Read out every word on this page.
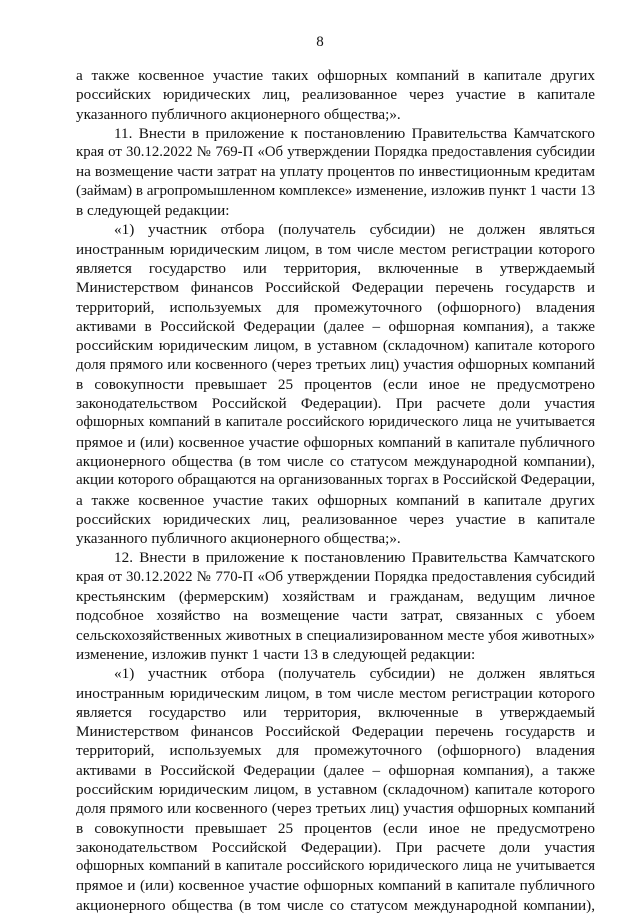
8
а также косвенное участие таких офшорных компаний в капитале других
российских юридических лиц, реализованное через участие в капитале
указанного публичного акционерного общества;».
11. Внести в приложение к постановлению Правительства Камчатского
края от 30.12.2022 № 769-П «Об утверждении Порядка предоставления субсидии
на возмещение части затрат на уплату процентов по инвестиционным кредитам
(займам) в агропромышленном комплексе» изменение, изложив пункт 1 части 13
в следующей редакции:
«1) участник отбора (получатель субсидии) не должен являться
иностранным юридическим лицом, в том числе местом регистрации которого
является государство или территория, включенные в утверждаемый
Министерством финансов Российской Федерации перечень государств и
территорий, используемых для промежуточного (офшорного) владения
активами в Российской Федерации (далее – офшорная компания), а также
российским юридическим лицом, в уставном (складочном) капитале которого
доля прямого или косвенного (через третьих лиц) участия офшорных компаний
в совокупности превышает 25 процентов (если иное не предусмотрено
законодательством Российской Федерации). При расчете доли участия
офшорных компаний в капитале российского юридического лица не учитывается
прямое и (или) косвенное участие офшорных компаний в капитале публичного
акционерного общества (в том числе со статусом международной компании),
акции которого обращаются на организованных торгах в Российской Федерации,
а также косвенное участие таких офшорных компаний в капитале других
российских юридических лиц, реализованное через участие в капитале
указанного публичного акционерного общества;».
12. Внести в приложение к постановлению Правительства Камчатского
края от 30.12.2022 № 770-П «Об утверждении Порядка предоставления субсидий
крестьянским (фермерским) хозяйствам и гражданам, ведущим личное
подсобное хозяйство на возмещение части затрат, связанных с убоем
сельскохозяйственных животных в специализированном месте убоя животных»
изменение, изложив пункт 1 части 13 в следующей редакции:
«1) участник отбора (получатель субсидии) не должен являться
иностранным юридическим лицом, в том числе местом регистрации которого
является государство или территория, включенные в утверждаемый
Министерством финансов Российской Федерации перечень государств и
территорий, используемых для промежуточного (офшорного) владения
активами в Российской Федерации (далее – офшорная компания), а также
российским юридическим лицом, в уставном (складочном) капитале которого
доля прямого или косвенного (через третьих лиц) участия офшорных компаний
в совокупности превышает 25 процентов (если иное не предусмотрено
законодательством Российской Федерации). При расчете доли участия
офшорных компаний в капитале российского юридического лица не учитывается
прямое и (или) косвенное участие офшорных компаний в капитале публичного
акционерного общества (в том числе со статусом международной компании),
